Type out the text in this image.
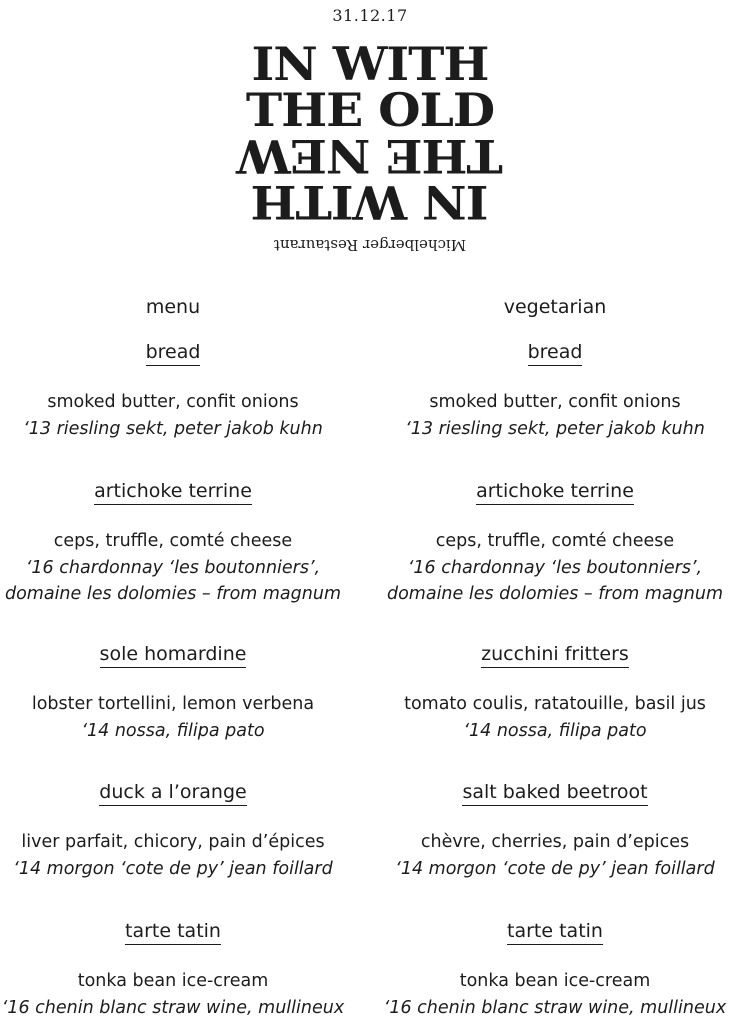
31.12.17
IN WITH
THE OLD
THE NEW
IN WITH
Michelberger Restaurant
menu
bread
smoked butter, confit onions
‘13 riesling sekt, peter jakob kuhn
artichoke terrine
ceps, truffle, comté cheese
‘16 chardonnay ‘les boutonniers’,
domaine les dolomies – from magnum
sole homardine
lobster tortellini, lemon verbena
‘14 nossa, filipa pato
duck a l’orange
liver parfait, chicory, pain d’épices
‘14 morgon ‘cote de py’ jean foillard
tarte tatin
tonka bean ice-cream
‘16 chenin blanc straw wine, mullineux
vegetarian
bread
smoked butter, confit onions
‘13 riesling sekt, peter jakob kuhn
artichoke terrine
ceps, truffle, comté cheese
‘16 chardonnay ‘les boutonniers’,
domaine les dolomies – from magnum
zucchini fritters
tomato coulis, ratatouille, basil jus
‘14 nossa, filipa pato
salt baked beetroot
chèvre, cherries, pain d’epices
‘14 morgon ‘cote de py’ jean foillard
tarte tatin
tonka bean ice-cream
‘16 chenin blanc straw wine, mullineux
